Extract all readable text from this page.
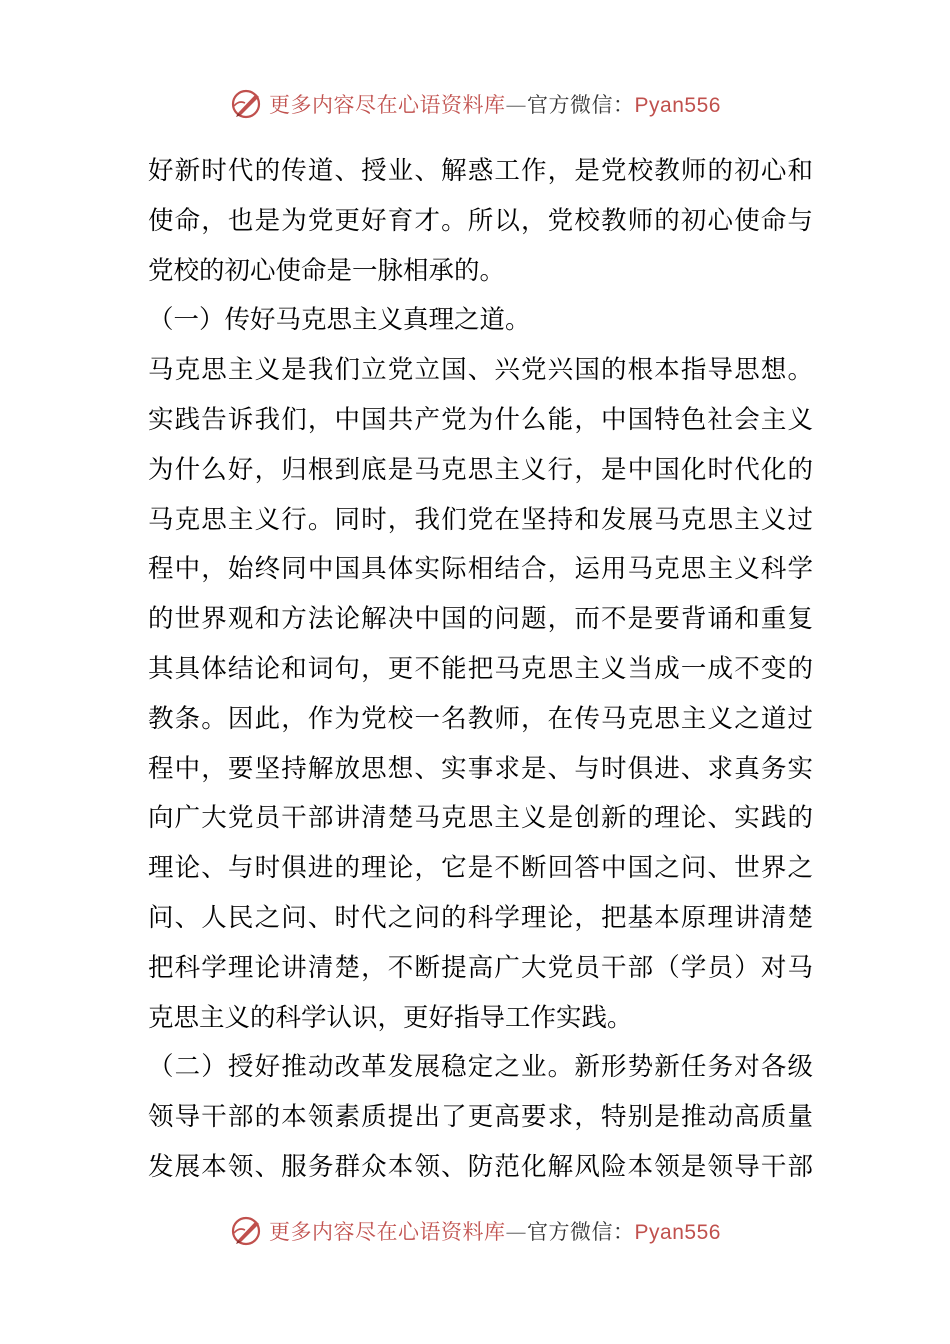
更多内容尽在心语资料库—官方微信：Pyan556
好新时代的传道、授业、解惑工作，是党校教师的初心和
使命，也是为党更好育才。所以，党校教师的初心使命与
党校的初心使命是一脉相承的。
（一）传好马克思主义真理之道。
马克思主义是我们立党立国、兴党兴国的根本指导思想。
实践告诉我们，中国共产党为什么能，中国特色社会主义
为什么好，归根到底是马克思主义行，是中国化时代化的
马克思主义行。同时，我们党在坚持和发展马克思主义过
程中，始终同中国具体实际相结合，运用马克思主义科学
的世界观和方法论解决中国的问题，而不是要背诵和重复
其具体结论和词句，更不能把马克思主义当成一成不变的
教条。因此，作为党校一名教师，在传马克思主义之道过
程中，要坚持解放思想、实事求是、与时俱进、求真务实
向广大党员干部讲清楚马克思主义是创新的理论、实践的
理论、与时俱进的理论，它是不断回答中国之问、世界之
问、人民之问、时代之问的科学理论，把基本原理讲清楚
把科学理论讲清楚，不断提高广大党员干部（学员）对马
克思主义的科学认识，更好指导工作实践。
（二）授好推动改革发展稳定之业。新形势新任务对各级
领导干部的本领素质提出了更高要求，特别是推动高质量
发展本领、服务群众本领、防范化解风险本领是领导干部
更多内容尽在心语资料库—官方微信：Pyan556
